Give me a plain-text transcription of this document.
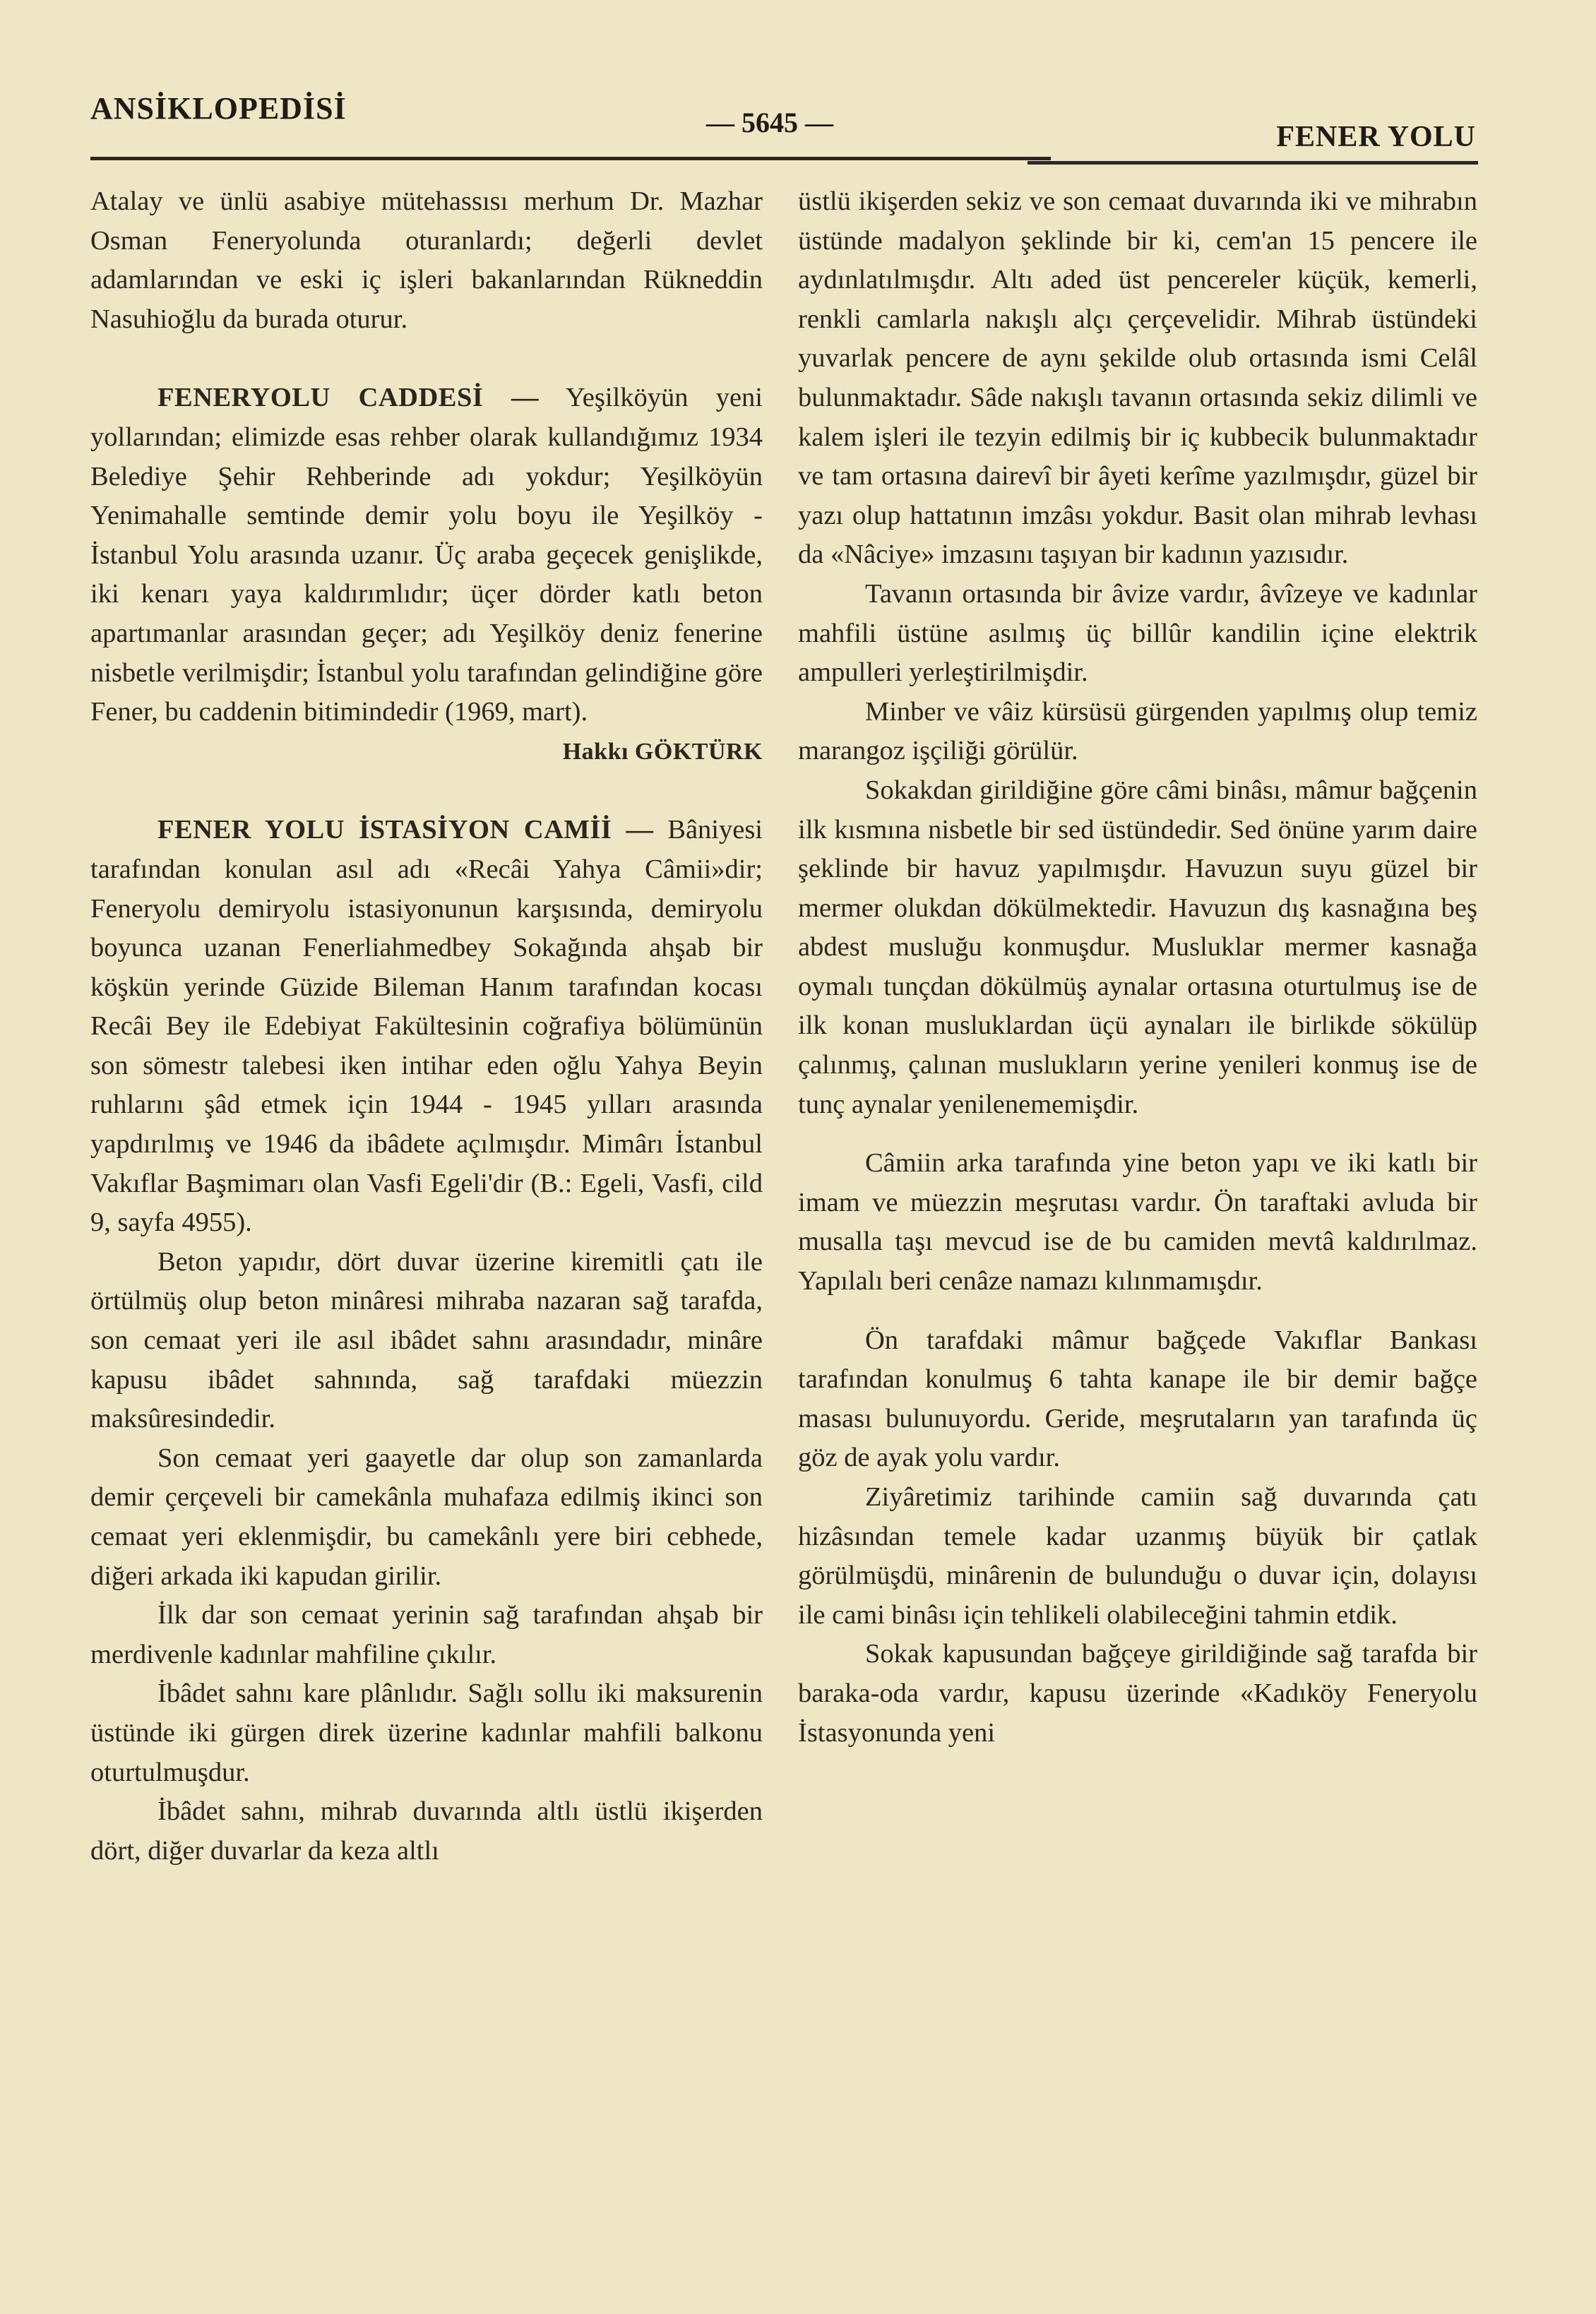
ANSİKLOPEDİSİ	— 5645 —	FENER YOLU

Atalay ve ünlü asabiye mütehassısı merhum Dr. Mazhar Osman Feneryolunda oturanlardı; değerli devlet adamlarından ve eski iç işleri bakanlarından Rükneddin Nasuhioğlu da burada oturur.

FENERYOLU CADDESİ — Yeşilköyün yeni yollarından; elimizde esas rehber olarak kullandığımız 1934 Belediye Şehir Rehberinde adı yokdur; Yeşilköyün Yenimahalle semtinde demir yolu boyu ile Yeşilköy - İstanbul Yolu arasında uzanır. Üç araba geçecek genişlikde, iki kenarı yaya kaldırımlıdır; üçer dörder katlı beton apartımanlar arasından geçer; adı Yeşilköy deniz fenerine nisbetle verilmişdir; İstanbul yolu tarafından gelindiğine göre Fener, bu caddenin bitimindedir (1969, mart).

Hakkı GÖKTÜRK

FENER YOLU İSTASİYON CAMİİ — Bâniyesi tarafından konulan asıl adı «Recâi Yahya Câmii»dir; Feneryolu demiryolu istasiyonunun karşısında, demiryolu boyunca uzanan Fenerliahmedbey Sokağında ahşab bir köşkün yerinde Güzide Bileman Hanım tarafından kocası Recâi Bey ile Edebiyat Fakültesinin coğrafiya bölümünün son sömestr talebesi iken intihar eden oğlu Yahya Beyin ruhlarını şâd etmek için 1944 - 1945 yılları arasında yapdırılmış ve 1946 da ibâdete açılmışdır. Mimârı İstanbul Vakıflar Başmimarı olan Vasfi Egeli'dir (B.: Egeli, Vasfi, cild 9, sayfa 4955).

Beton yapıdır, dört duvar üzerine kiremitli çatı ile örtülmüş olup beton minâresi mihraba nazaran sağ tarafda, son cemaat yeri ile asıl ibâdet sahnı arasındadır, minâre kapusu ibâdet sahnında, sağ tarafdaki müezzin maksûresindedir.

Son cemaat yeri gaayetle dar olup son zamanlarda demir çerçeveli bir camekânla muhafaza edilmiş ikinci son cemaat yeri eklenmişdir, bu camekânlı yere biri cebhede, diğeri arkada iki kapudan girilir.

İlk dar son cemaat yerinin sağ tarafından ahşab bir merdivenle kadınlar mahfiline çıkılır.

İbâdet sahnı kare plânlıdır. Sağlı sollu iki maksurenin üstünde iki gürgen direk üzerine kadınlar mahfili balkonu oturtulmuşdur.

İbâdet sahnı, mihrab duvarında altlı üstlü ikişerden dört, diğer duvarlar da keza altlı

üstlü ikişerden sekiz ve son cemaat duvarında iki ve mihrabın üstünde madalyon şeklinde bir ki, cem'an 15 pencere ile aydınlatılmışdır. Altı aded üst pencereler küçük, kemerli, renkli camlarla nakışlı alçı çerçevelidir. Mihrab üstündeki yuvarlak pencere de aynı şekilde olub ortasında ismi Celâl bulunmaktadır. Sâde nakışlı tavanın ortasında sekiz dilimli ve kalem işleri ile tezyin edilmiş bir iç kubbecik bulunmaktadır ve tam ortasına dairevî bir âyeti kerîme yazılmışdır, güzel bir yazı olup hattatının imzâsı yokdur. Basit olan mihrab levhası da «Nâciye» imzasını taşıyan bir kadının yazısıdır.

Tavanın ortasında bir âvize vardır, âvîzeye ve kadınlar mahfili üstüne asılmış üç billûr kandilin içine elektrik ampulleri yerleştirilmişdir.

Minber ve vâiz kürsüsü gürgenden yapılmış olup temiz marangoz işçiliği görülür.

Sokakdan girildiğine göre câmi binâsı, mâmur bağçenin ilk kısmına nisbetle bir sed üstündedir. Sed önüne yarım daire şeklinde bir havuz yapılmışdır. Havuzun suyu güzel bir mermer olukdan dökülmektedir. Havuzun dış kasnağına beş abdest musluğu konmuşdur. Musluklar mermer kasnağa oymalı tunçdan dökülmüş aynalar ortasına oturtulmuş ise de ilk konan musluklardan üçü aynaları ile birlikde sökülüp çalınmış, çalınan muslukların yerine yenileri konmuş ise de tunç aynalar yenilenememişdir.

Câmiin arka tarafında yine beton yapı ve iki katlı bir imam ve müezzin meşrutası vardır. Ön taraftaki avluda bir musalla taşı mevcud ise de bu camiden mevtâ kaldırılmaz. Yapılalı beri cenâze namazı kılınmamışdır.

Ön tarafdaki mâmur bağçede Vakıflar Bankası tarafından konulmuş 6 tahta kanape ile bir demir bağçe masası bulunuyordu. Geride, meşrutaların yan tarafında üç göz de ayak yolu vardır.

Ziyâretimiz tarihinde camiin sağ duvarında çatı hizâsından temele kadar uzanmış büyük bir çatlak görülmüşdü, minârenin de bulunduğu o duvar için, dolayısı ile cami binâsı için tehlikeli olabileceğini tahmin etdik.

Sokak kapusundan bağçeye girildiğinde sağ tarafda bir baraka-oda vardır, kapusu üzerinde «Kadıköy Feneryolu İstasyonunda yeni
